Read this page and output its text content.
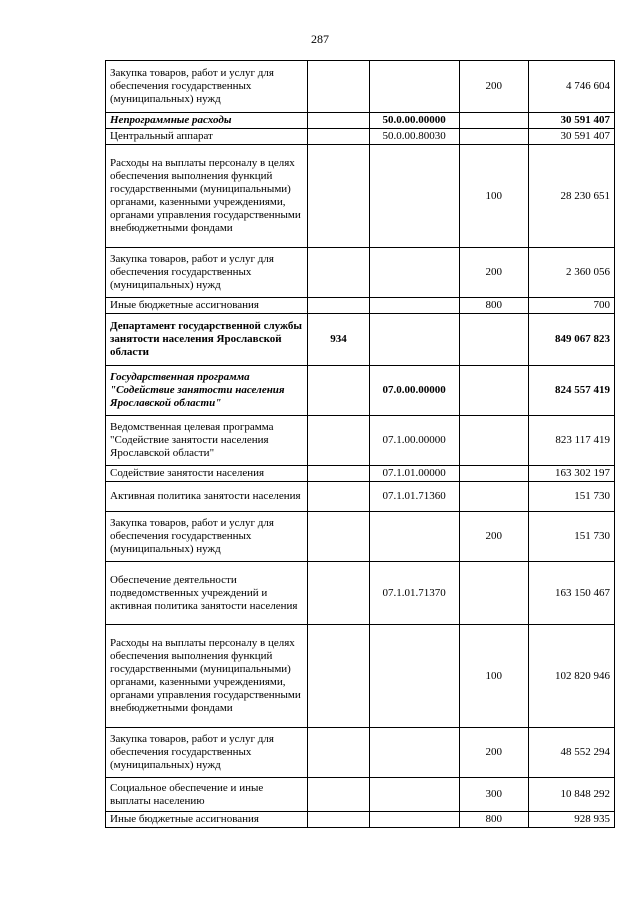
287
Закупка товаров, работ и услуг для обеспечения государственных (муниципальных) нужд			200	4 746 604
Непрограммные расходы		50.0.00.00000		30 591 407
Центральный аппарат		50.0.00.80030		30 591 407
Расходы на выплаты персоналу в целях обеспечения выполнения функций государственными (муниципальными) органами, казенными учреждениями, органами управления государственными внебюджетными фондами			100	28 230 651
Закупка товаров, работ и услуг для обеспечения государственных (муниципальных) нужд			200	2 360 056
Иные бюджетные ассигнования			800	700
Департамент государственной службы занятости населения Ярославской области	934			849 067 823
Государственная программа "Содействие занятости населения Ярославской области"		07.0.00.00000		824 557 419
Ведомственная целевая программа "Содействие занятости населения Ярославской области"		07.1.00.00000		823 117 419
Содействие занятости населения		07.1.01.00000		163 302 197
Активная политика занятости населения		07.1.01.71360		151 730
Закупка товаров, работ и услуг для обеспечения государственных (муниципальных) нужд			200	151 730
Обеспечение деятельности подведомственных учреждений и активная политика занятости населения		07.1.01.71370		163 150 467
Расходы на выплаты персоналу в целях обеспечения выполнения функций государственными (муниципальными) органами, казенными учреждениями, органами управления государственными внебюджетными фондами			100	102 820 946
Закупка товаров, работ и услуг для обеспечения государственных (муниципальных) нужд			200	48 552 294
Социальное обеспечение и иные выплаты населению			300	10 848 292
Иные бюджетные ассигнования			800	928 935
